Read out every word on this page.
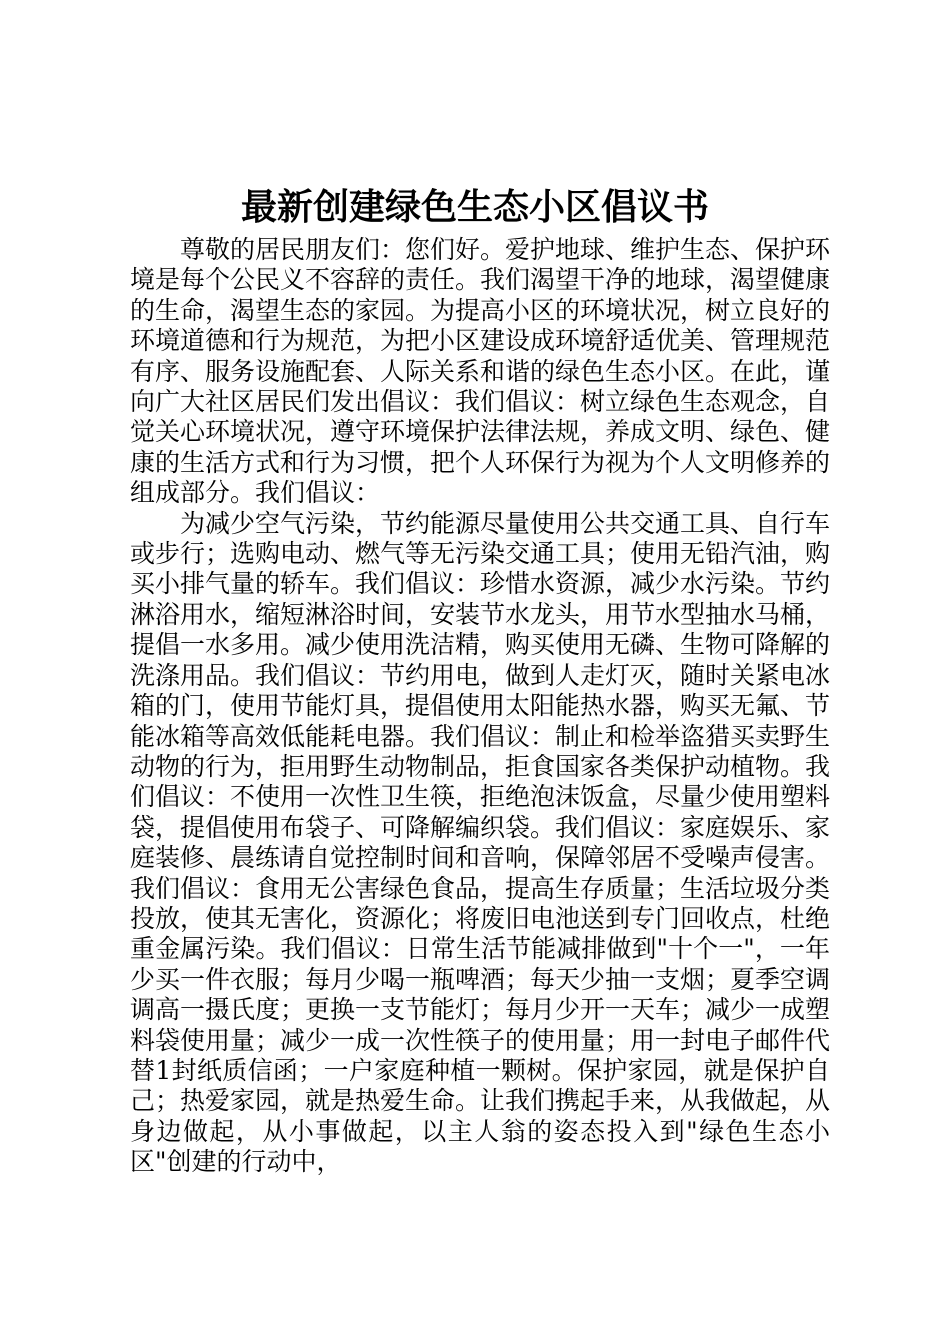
最新创建绿色生态小区倡议书

尊敬的居民朋友们：您们好。爱护地球、维护生态、保护环境是每个公民义不容辞的责任。我们渴望干净的地球，渴望健康的生命，渴望生态的家园。为提高小区的环境状况，树立良好的环境道德和行为规范，为把小区建设成环境舒适优美、管理规范有序、服务设施配套、人际关系和谐的绿色生态小区。在此，谨向广大社区居民们发出倡议：我们倡议：树立绿色生态观念，自觉关心环境状况，遵守环境保护法律法规，养成文明、绿色、健康的生活方式和行为习惯，把个人环保行为视为个人文明修养的组成部分。我们倡议：

为减少空气污染，节约能源尽量使用公共交通工具、自行车或步行；选购电动、燃气等无污染交通工具；使用无铅汽油，购买小排气量的轿车。我们倡议：珍惜水资源，减少水污染。节约淋浴用水，缩短淋浴时间，安装节水龙头，用节水型抽水马桶，提倡一水多用。减少使用洗洁精，购买使用无磷、生物可降解的洗涤用品。我们倡议：节约用电，做到人走灯灭，随时关紧电冰箱的门，使用节能灯具，提倡使用太阳能热水器，购买无氟、节能冰箱等高效低能耗电器。我们倡议：制止和检举盗猎买卖野生动物的行为，拒用野生动物制品，拒食国家各类保护动植物。我们倡议：不使用一次性卫生筷，拒绝泡沫饭盒，尽量少使用塑料袋，提倡使用布袋子、可降解编织袋。我们倡议：家庭娱乐、家庭装修、晨练请自觉控制时间和音响，保障邻居不受噪声侵害。我们倡议：食用无公害绿色食品，提高生存质量；生活垃圾分类投放，使其无害化，资源化；将废旧电池送到专门回收点，杜绝重金属污染。我们倡议：日常生活节能减排做到"十个一"，一年少买一件衣服；每月少喝一瓶啤酒；每天少抽一支烟；夏季空调调高一摄氏度；更换一支节能灯；每月少开一天车；减少一成塑料袋使用量；减少一成一次性筷子的使用量；用一封电子邮件代替1封纸质信函；一户家庭种植一颗树。保护家园，就是保护自己；热爱家园，就是热爱生命。让我们携起手来，从我做起，从身边做起，从小事做起，以主人翁的姿态投入到"绿色生态小区"创建的行动中，
